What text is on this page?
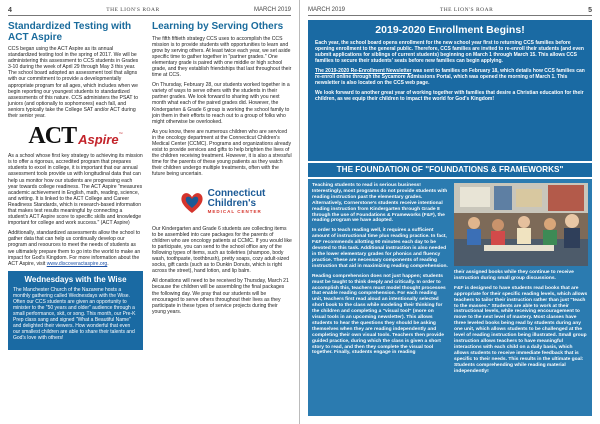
4	THE LION'S ROAR	MARCH 2019
Standardized Testing with ACT Aspire

CCS began using the ACT Aspire as its annual standardized testing tool in the spring of 2017. We will be administering this assessment to CCS students in Grades 3-10 during the week of April 29 through May 3 this year. The school board adopted an assessment tool that aligns with our commitment to provide a developmentally appropriate program for all ages, which includes when we begin reporting our youngest students to standardized assessments of this nature. CCS administers the PSAT to juniors (and optionally to sophomores) each fall, and seniors typically take the College SAT and/or ACT during their senior year.

ACT Aspire ™

As a school whose first key strategy to achieving its mission is to offer a rigorous, accredited program that prepares students to excel in college, it is important that our annual assessment tools provide us with longitudinal data that can help us monitor how our students are progressing each year towards college readiness. The ACT Aspire "measures academic achievement in English, math, reading, science, and writing. It is linked to the ACT College and Career Readiness Standards, which is research-based information that makes test results meaningful by connecting a student's ACT Aspire score to specific skills and knowledge important for college and work success." (ACT Aspire)

Additionally, standardized assessments allow the school to gather data that can help us continually develop our program and resources to meet the needs of students as we ultimately prepare them to go into the world to make an impact for God's Kingdom. For more information about the ACT Aspire, visit www.discoveractaspire.org.

Wednesdays with the Wise

The Manchester Church of the Nazarene hosts a monthly gathering called Wednesdays with the Wise. Often our CCS students are given an opportunity to minister to the "50 years and older" audience through a small performance, skit, or song. This month, our Pre-K Prep class sang and signed "What a Beautiful Name" and delighted their viewers. How wonderful that even our smallest children are able to share their talents and God's love with others!

Learning by Serving Others

The fifth fiftieth strategy CCS uses to accomplish the CCS mission is to provide students with opportunities to learn and grow by serving others. At least twice each year, we set aside specific time to gather together in "partner grades." One elementary grade is paired with one middle or high school grade, and they establish friendships that last throughout their time at CCS.

On Thursday, February 28, our students worked together in a variety of ways to serve others with the students in their partner grades. We look forward to sharing with you next month what each of the paired grades did. However, the Kindergarten & Grade 6 group is working the school family to join them in their efforts to reach out to a group of folks who might otherwise be overlooked.

As you know, there are numerous children who are serviced in the oncology department at the Connecticut Children's Medical Center (CCMC). Programs and organizations already exist to provide services and gifts to help brighten the lives of the children receiving treatment. However, it is also a stressful time for the parents of these young patients as they watch their children undergo multiple treatments, often with the future being uncertain.

Connecticut
Children's
MEDICAL CENTER

Our Kindergarten and Grade 6 students are collecting items to be assembled into care packages for the parents of children who are oncology patients at CCMC. If you would like to participate, you can send to the school office any of the following types of items, such as toiletries (shampoo, body wash, toothpaste, toothbrush), pretty soaps, cozy adult-sized socks, gift cards (such as to Dunkin Donuts, which is right across the street), hand lotion, and lip balm.

All donations will need to be received by Thursday, March 21 because the children will be assembling the final packages the following day. We pray that our students will be encouraged to serve others throughout their lives as they participate in these types of service projects during their young years.

MARCH 2019	THE LION'S ROAR	5
2019-2020 Enrollment Begins!

Each year, the school board opens enrollment for the new school year first to returning CCS families before opening enrollment to the general public. Therefore, CCS families are invited to re-enroll their students (and even submit applications for siblings of current students) beginning on March 1 through March 15. This allows CCS families to secure their students' seats before new families can begin applying.

The 2019-2020 Re-Enrollment Newsletter was sent to families on February 18, which details how CCS families can re-enroll online through the Sycamore Admissions Portal, which was opened the morning of March 1. This newsletter is also located on the CCS web page.

We look forward to another great year of working together with families that desire a Christian education for their children, as we equip their children to impact the world for God's Kingdom!

THE FOUNDATION OF "FOUNDATIONS & FRAMEWORKS"

Teaching students to read is serious business! Interestingly, most programs do not provide students with reading instruction past the elementary grades. Alternatively, Cornerstone's students receive intentional reading instruction from Kindergarten through Grade 8 through the use of Foundations & Frameworks (F&F), the reading program we have adopted.

In order to teach reading well, it requires a sufficient amount of instructional time plus reading practice. In fact, F&F recommends allotting 90 minutes each day to be devoted to this task. Additional instruction is also needed in the lower elementary grades for phonics and fluency practice. These are necessary components of reading instruction that aid in maximizing reading comprehension.

Reading comprehension does not just happen; students must be taught to think deeply and critically. In order to accomplish this, teachers must model thought processes that enable reading comprehension. For each reading unit, teachers first read aloud an intentionally selected short book to the class while modeling their thinking for the children and completing a "visual tool" (more on visual tools in an upcoming newsletter). This allows students to hear the questions they should be asking themselves when they are reading independently and completing their own visual tools. Teachers then provide guided practice, during which the class is given a short story to read, and then they complete the visual tool together. Finally, students engage in reading

their assigned books while they continue to receive instruction during small group discussions.

F&F is designed to have students read books that are appropriate for their specific reading levels, which allows teachers to tailor their instruction rather than just "teach to the masses." Students are able to work at their instructional levels, while receiving encouragement to move to the next level of mastery. Most classes have three leveled books being read by students during any one unit, which allows students to be challenged at the level of reading instruction being illustrated. Small group instruction allows teachers to have meaningful interactions with each child on a daily basis, which allows students to receive immediate feedback that is specific to their needs. This results in the ultimate goal: Students comprehending while reading material independently!
